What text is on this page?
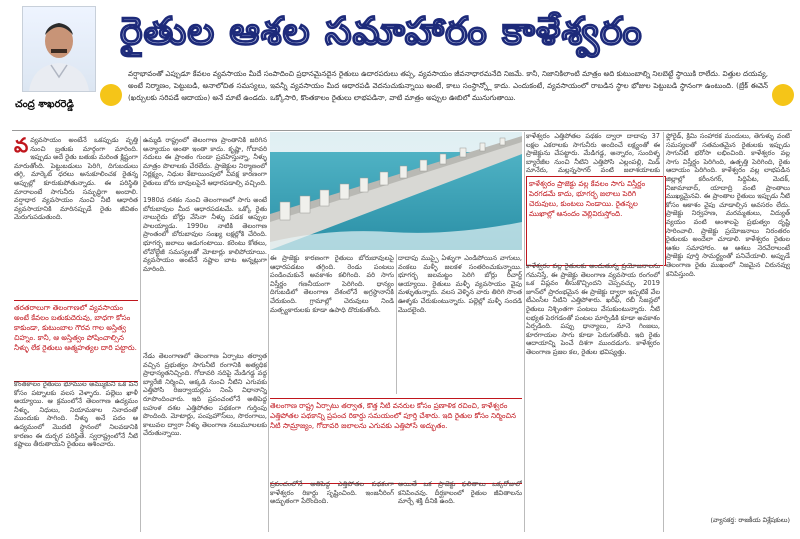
చంద్ర శాఖరరెడ్డి
రైతుల ఆశల సమాహారం కాళేశ్వరం
వర్షాభావంతో ఎప్పుడూ కేవలం వ్యవసాయం మీదే సంపాదించి ప్రధానమైనదైన రైతులు ఉదారపరులు తప్ప, వ్యవసాయం జీవనాధారమనేది నిజమే. కానీ, నిజానికిలాంటి మాత్రం అది కుటుంబాల్ని నిలబెట్టే స్థాయికి రాలేదు. విత్తుల దయవ్య, అంటే నిర్మాణం, పెట్టుబడి, అనాలోచిత సమస్యలు, ఇవన్నీ వ్యవసాయం మీద ఆధారపడి వెదనుచుకున్నాయి అంటే, కాలు సంస్థాన్న్లో కాదు. ఎందుకంటే, వ్యవసాయంలో రాబడిన స్థాల భోజుల పెట్టుబడి స్థానంగా ఉంటుంది. (బ్రేక్ ఈవెన్ (ఖర్చులకు సరిపడే ఆదాయం) అనే మాటే ఉండదు. ఒక్కోసారి, కొంతకాలం రైతులు లాభపడినా, వాటి మాత్రం అప్పుల ఊబిలో మునుగుతాయి.
వ వ్యవసాయం అంటేనే ఒకప్పుడు వృత్తి నుంచి బ్రతుకు మార్గంగా మారింది. ఇప్పుడు అదే రైతు బతుకు మరింత క్లిష్టంగా మారుతోంది. పెట్టుబడులు పెరిగి, దిగుబడులు తగ్గి, మార్కెట్ ధరలు అనుకూలించక రైతన్న అప్పుల్లో కూరుకుపోతున్నాడు. ఈ పరిస్థితి మారాలంటే సాగునీరు సమృద్ధిగా అందాలి. వర్షాధార వ్యవసాయం నుంచి నీటి ఆధారిత వ్యవసాయానికి మారినప్పుడే రైతు జీవితం మెరుగుపడుతుంది.
తరతరాలుగా తెలంగాణలో వ్యవసాయం అంటే కేవలం బతుకుదెరువు, బాధగా కోసం కాకుండా, కుటుంబాల గౌరవ గాల అస్తిత్వ చిహ్నం. కానీ, ఆ అస్తిత్వం పోషించాల్సిన నీళ్ళు లేక రైతులు ఆత్మహత్యల దారి పట్టారు.
కొంతకాలం రైతులు భూముల అమ్ముకుని ఒక పని కోసం పట్నాలకు వలస వెళ్ళారు. పల్లెలు ఖాళీ అయ్యాయి. ఆ క్రమంలోనే తెలంగాణ ఉద్యమం నీళ్ళు, నిధులు, నియామకాల నినాదంతో ముందుకు సాగింది. నీళ్ళు అనే పదం ఆ ఉద్యమంలో మొదటి స్థానంలో నిలవడానికి కారణం ఈ దుర్భర పరిస్థితే. స్వరాష్ట్రంలోనే నీటి కష్టాలు తీరుతాయని రైతులు ఆశించారు.
ఉమ్మడి రాష్ట్రంలో తెలంగాణ ప్రాంతానికి జరిగిన అన్యాయం అంతా ఇంతా కాదు. కృష్ణా, గోదావరి నదులు ఈ ప్రాంతం గుండా ప్రవహిస్తున్నా, నీళ్ళు మాత్రం పొలాలకు చేరలేదు. ప్రాజెక్టుల నిర్మాణంలో నిర్లక్ష్యం, నిధుల కేటాయింపులో వివక్ష కారణంగా రైతులు బోరు బావులపైనే ఆధారపడాల్సి వచ్చింది.
1980వ దశకం నుంచి తెలంగాణలో సాగు అంటే బోరుబావుల మీద ఆధారపడటమే. ఒక్కో రైతు నాలుగైదు బోర్లు వేసినా నీళ్ళు పడక అప్పుల పాలయ్యాడు. 1990ల నాటికి తెలంగాణ ప్రాంతంలో బోరుబావుల సంఖ్య లక్షల్లోకి చేరింది. భూగర్భ జలాలు అడుగంటాయి. కరెంటు కోతలు, లోవోల్టేజీ సమస్యలతో మోటార్లు కాలిపోయాయి. వ్యవసాయం అంటేనే నష్టాల బాట అన్నట్లుగా మారింది.
నేడు తెలంగాణలో తెలంగాణ ఏర్పాటు తర్వాత వచ్చిన ప్రభుత్వం సాగునీటి రంగానికి అత్యధిక ప్రాధాన్యతనిచ్చింది. గోదావరి నదిపై మేడిగడ్డ వద్ద బ్యారేజీ నిర్మించి, అక్కడి నుంచి నీటిని ఎగువకు ఎత్తిపోసి రిజర్వాయర్లను నింపే విధానాన్ని రూపొందించారు. ఇది ప్రపంచంలోనే అతిపెద్ద బహుళ దశల ఎత్తిపోతల పథకంగా గుర్తింపు పొందింది. మోటార్లు, పంపుహౌస్‌లు, సొరంగాలు, కాలువల ద్వారా నీళ్ళు తెలంగాణ నలుమూలలకు చేరుతున్నాయి.
ఈ ప్రాజెక్టు కారణంగా రైతులు బోరుబావులపై ఆధారపడటం తగ్గింది. రెండు పంటలు పండించుకునే అవకాశం కలిగింది. వరి సాగు విస్తీర్ణం గణనీయంగా పెరిగింది. ధాన్యం దిగుబడిలో తెలంగాణ దేశంలోనే అగ్రస్థానానికి చేరుకుంది. గ్రామాల్లో చెరువులు నిండి మత్స్యకారులకు కూడా ఉపాధి దొరుకుతోంది.
దాదాపు ముప్పై ఏళ్ళుగా ఎండిపోయిన వాగులు, వంకలు మళ్ళీ జలకళ సంతరించుకున్నాయి. భూగర్భ జలమట్టం పెరిగి బోర్లు రీచార్జ్ అయ్యాయి. రైతులు మళ్ళీ వ్యవసాయం వైపు మళ్ళుతున్నారు. వలస వెళ్ళిన వారు తిరిగి సొంత ఊళ్ళకు చేరుకుంటున్నారు. పల్లెల్లో మళ్ళీ సందడి మొదలైంది.
తెలంగాణ రాష్ట్ర ఏర్పాటు తర్వాత, కొత్త నీటి వనరుల కోసం ప్రణాళిక రచించి, కాళేశ్వరం ఎత్తిపోతల పథకాన్ని ప్రపంచ రికార్డు సమయంలో పూర్తి చేశారు. ఇది రైతుల కోసం నిర్మించిన నీటి సామ్రాజ్యం, గోదావరి జలాలను ఎగువకు ఎత్తిపోసే అద్భుతం.
ప్రపంచంలోనే అతిపెద్ద ఎత్తిపోతల పథకంగా కాళేశ్వరం రికార్డు సృష్టించింది. ఇంజనీరింగ్ అద్భుతంగా పేరొందింది.
అయితే ఒక ప్రాజెక్టు ఫలితాలు ఒక్కరోజులో కనిపించవు. దీర్ఘకాలంలో రైతుల జీవితాలను మార్చే శక్తి దీనికి ఉంది.
కాళేశ్వరం ఎత్తిపోతల పథకం ద్వారా దాదాపు 37 లక్షల ఎకరాలకు సాగునీరు అందించే లక్ష్యంతో ఈ ప్రాజెక్టును చేపట్టారు. మేడిగడ్డ, అన్నారం, సుందిళ్ళ బ్యారేజీల నుంచి నీటిని ఎత్తిపోసి ఎల్లంపల్లి, మిడ్ మానేరు, మల్లన్నసాగర్ వంటి జలాశయాలకు
కాళేశ్వరం ప్రాజెక్టు వల్ల కేవలం సాగు విస్తీర్ణం పెరగడమే కాదు, భూగర్భ జలాలు పెరిగి చెరువులు, కుంటలు నిండాయి. రైతన్నల ముఖాల్లో ఆనందం వెల్లివిరుస్తోంది.
కాళేశ్వరం వల్ల రైతులకు అందుతున్న ప్రయోజనాలను గమనిస్తే, ఈ ప్రాజెక్టు తెలంగాణ వ్యవసాయ రంగంలో ఒక విప్లవం తీసుకొచ్చిందని చెప్పవచ్చు. 2019 జూన్‌లో ప్రారంభమైన ఈ ప్రాజెక్టు ద్వారా ఇప్పటికే వేల టీఎంసీల నీటిని ఎత్తిపోశారు. ఖరీఫ్, రబీ సీజన్లలో రైతులు నిశ్చింతగా పంటలు వేసుకుంటున్నారు. నీటి లభ్యత పెరగడంతో పంటల మార్పిడికి కూడా అవకాశం ఏర్పడింది. పప్పు ధాన్యాలు, నూనె గింజలు, కూరగాయల సాగు కూడా పెరుగుతోంది. ఇది రైతు ఆదాయాన్ని పెంచే దిశగా ముందడుగు. కాళేశ్వరం తెలంగాణ ప్రజల కల, రైతుల భవిష్యత్తు.
ఫ్లోరైడ్, క్రిమి సంహారక మందులు, తెగుళ్ళు వంటి సమస్యలతో సతమతమైన రైతులకు ఇప్పుడు సాగునీటి భరోసా లభించింది. కాళేశ్వరం వల్ల సాగు విస్తీర్ణం పెరిగింది, ఉత్పత్తి పెరిగింది, రైతు ఆదాయం పెరిగింది. కాళేశ్వరం వల్ల లాభపడిన జిల్లాల్లో కరీంనగర్, సిద్దిపేట, మెదక్, నిజామాబాద్, యాదాద్రి వంటి ప్రాంతాలు ముఖ్యమైనవి. ఈ ప్రాంతాల రైతులు ఇప్పుడు నీటి కోసం ఆకాశం వైపు చూడాల్సిన అవసరం లేదు. ప్రాజెక్టు నిర్వహణ, మరమ్మతులు, విద్యుత్ వ్యయం వంటి అంశాలపై ప్రభుత్వం దృష్టి సారించాలి. ప్రాజెక్టు ప్రయోజనాలు నిరంతరం రైతులకు అందేలా చూడాలి. కాళేశ్వరం రైతుల ఆశల సమాహారం. ఆ ఆశలు నెరవేరాలంటే ప్రాజెక్టు పూర్తి సామర్థ్యంతో పనిచేయాలి. అప్పుడే తెలంగాణ రైతు ముఖంలో నిజమైన చిరునవ్వు కనిపిస్తుంది.
(వ్యాసకర్త: రాజకీయ విశ్లేషకులు)
